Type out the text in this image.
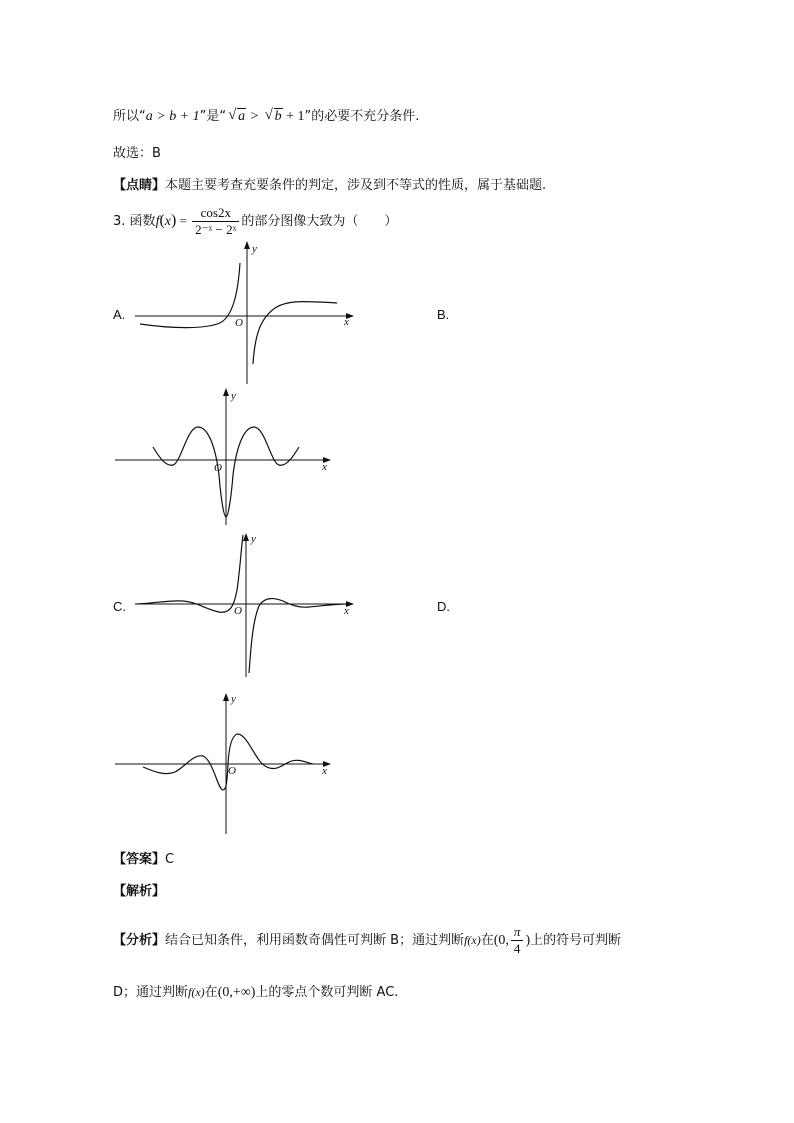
所以“a > b + 1”是“ √ a > √ b + 1”的必要不充分条件.
故选：B
【点睛】本题主要考查充要条件的判定，涉及到不等式的性质，属于基础题.
3. 函数$f(x) = \frac{\cos 2x}{\text{2⁻ˣ − 2ˣ}}$ 的部分图像大致为（　　）
A.	B.
C.	D.
x
y
O
x
y
O
x
y
O
x
y
O
【答案】C
【解析】
【分析】结合已知条件，利用函数奇偶性可判断 B；通过判断f(x)在(0, $\frac{\pi}{4}$ )上的符号可判断
D；通过判断f(x)在(0,+∞)上的零点个数可判断 AC.
